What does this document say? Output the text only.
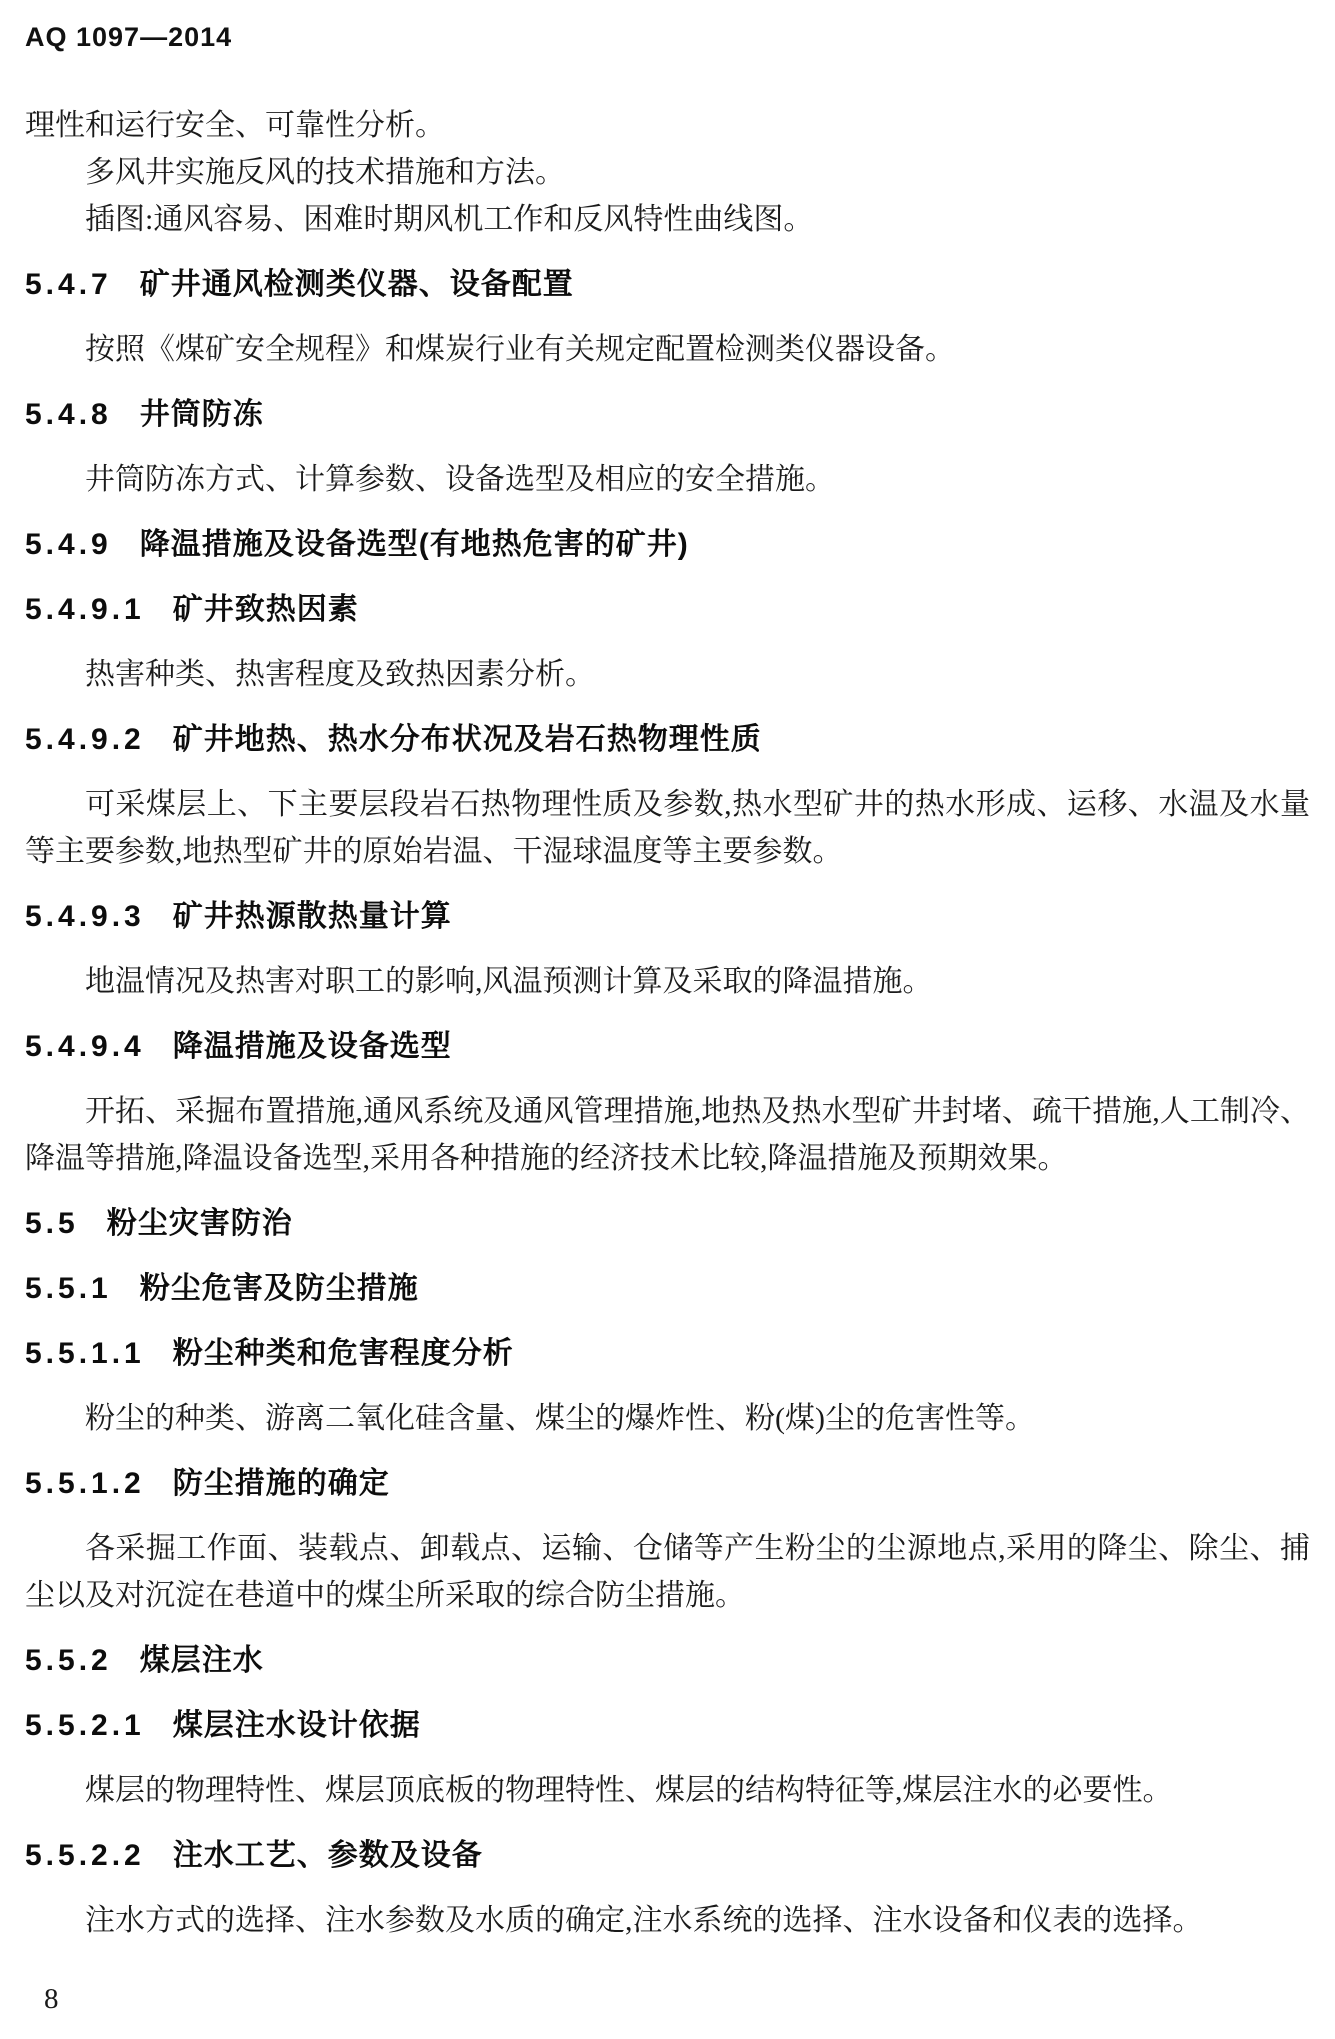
AQ 1097—2014

理性和运行安全、可靠性分析。

多风井实施反风的技术措施和方法。

插图:通风容易、困难时期风机工作和反风特性曲线图。

5.4.7 矿井通风检测类仪器、设备配置

按照《煤矿安全规程》和煤炭行业有关规定配置检测类仪器设备。

5.4.8 井筒防冻

井筒防冻方式、计算参数、设备选型及相应的安全措施。

5.4.9 降温措施及设备选型(有地热危害的矿井)
5.4.9.1 矿井致热因素

热害种类、热害程度及致热因素分析。

5.4.9.2 矿井地热、热水分布状况及岩石热物理性质

可采煤层上、下主要层段岩石热物理性质及参数,热水型矿井的热水形成、运移、水温及水量等主要参数,地热型矿井的原始岩温、干湿球温度等主要参数。

5.4.9.3 矿井热源散热量计算

地温情况及热害对职工的影响,风温预测计算及采取的降温措施。

5.4.9.4 降温措施及设备选型

开拓、采掘布置措施,通风系统及通风管理措施,地热及热水型矿井封堵、疏干措施,人工制冷、降温等措施,降温设备选型,采用各种措施的经济技术比较,降温措施及预期效果。

5.5 粉尘灾害防治
5.5.1 粉尘危害及防尘措施
5.5.1.1 粉尘种类和危害程度分析

粉尘的种类、游离二氧化硅含量、煤尘的爆炸性、粉(煤)尘的危害性等。

5.5.1.2 防尘措施的确定

各采掘工作面、装载点、卸载点、运输、仓储等产生粉尘的尘源地点,采用的降尘、除尘、捕尘以及对沉淀在巷道中的煤尘所采取的综合防尘措施。

5.5.2 煤层注水
5.5.2.1 煤层注水设计依据

煤层的物理特性、煤层顶底板的物理特性、煤层的结构特征等,煤层注水的必要性。

5.5.2.2 注水工艺、参数及设备

注水方式的选择、注水参数及水质的确定,注水系统的选择、注水设备和仪表的选择。

8
